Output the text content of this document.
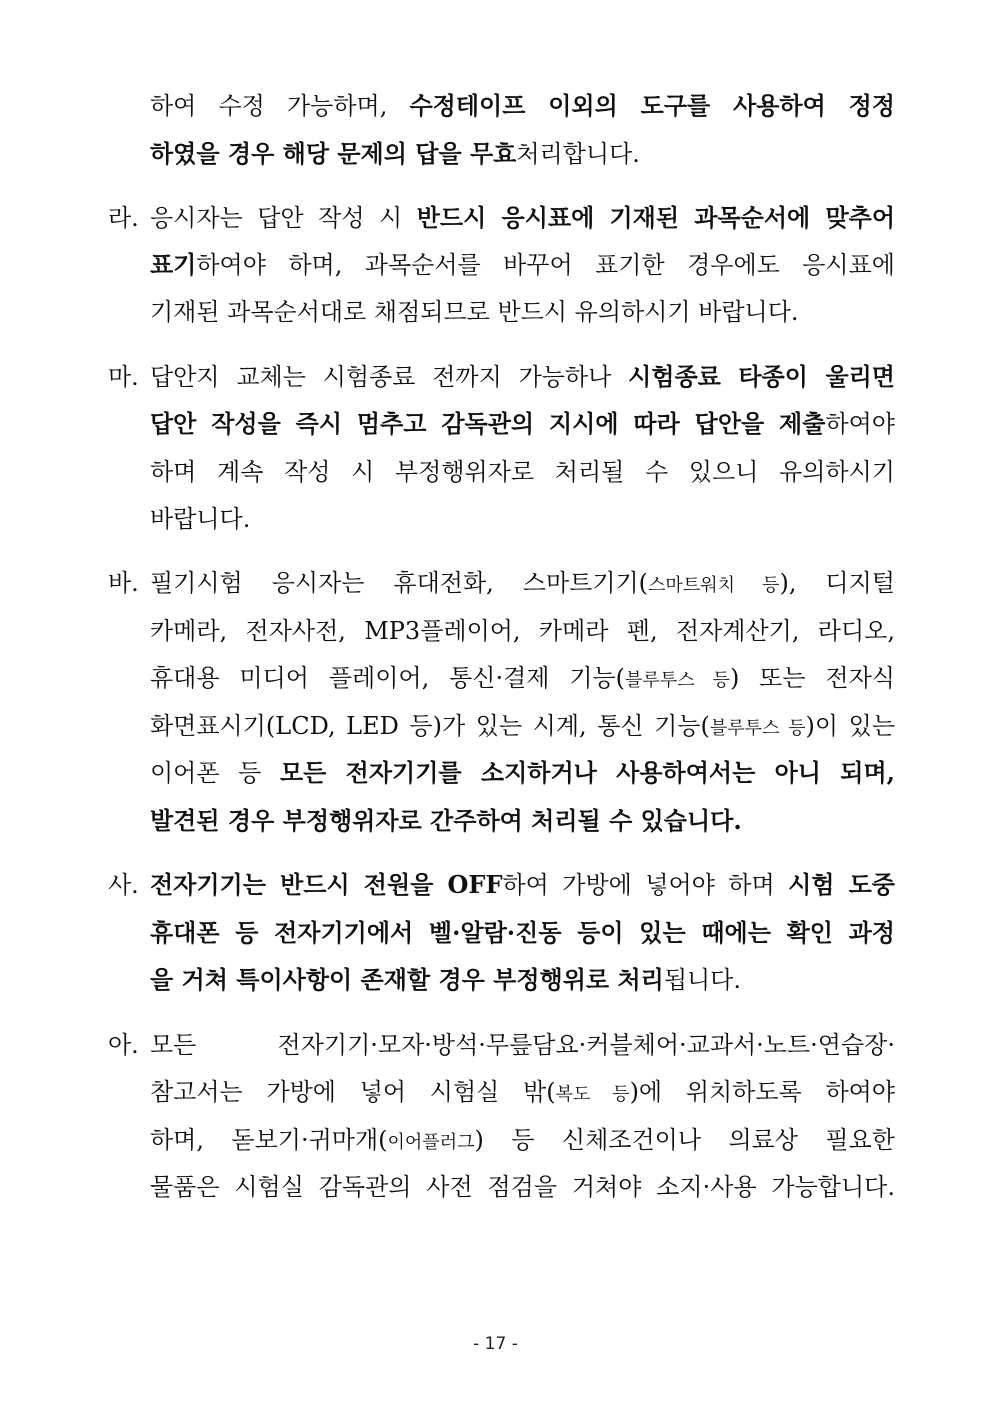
하여 수정 가능하며, 수정테이프 이외의 도구를 사용하여 정정
하였을 경우 해당 문제의 답을 무효처리합니다.
라. 응시자는 답안 작성 시 반드시 응시표에 기재된 과목순서에 맞추어
표기하여야 하며, 과목순서를 바꾸어 표기한 경우에도 응시표에
기재된 과목순서대로 채점되므로 반드시 유의하시기 바랍니다.
마. 답안지 교체는 시험종료 전까지 가능하나 시험종료 타종이 울리면
답안 작성을 즉시 멈추고 감독관의 지시에 따라 답안을 제출하여야
하며 계속 작성 시 부정행위자로 처리될 수 있으니 유의하시기
바랍니다.
바. 필기시험 응시자는 휴대전화, 스마트기기(스마트워치 등), 디지털
카메라, 전자사전, MP3플레이어, 카메라 펜, 전자계산기, 라디오,
휴대용 미디어 플레이어, 통신·결제 기능(블루투스 등) 또는 전자식
화면표시기(LCD, LED 등)가 있는 시계, 통신 기능(블루투스 등)이 있는
이어폰 등 모든 전자기기를 소지하거나 사용하여서는 아니 되며,
발견된 경우 부정행위자로 간주하여 처리될 수 있습니다.
사. 전자기기는 반드시 전원을 OFF하여 가방에 넣어야 하며 시험 도중
휴대폰 등 전자기기에서 벨·알람·진동 등이 있는 때에는 확인 과정
을 거쳐 특이사항이 존재할 경우 부정행위로 처리됩니다.
아. 모든 전자기기·모자·방석·무릎담요·커블체어·교과서·노트·연습장·
참고서는 가방에 넣어 시험실 밖(복도 등)에 위치하도록 하여야
하며, 돋보기·귀마개(이어플러그) 등 신체조건이나 의료상 필요한
물품은 시험실 감독관의 사전 점검을 거쳐야 소지·사용 가능합니다.
- 17 -
